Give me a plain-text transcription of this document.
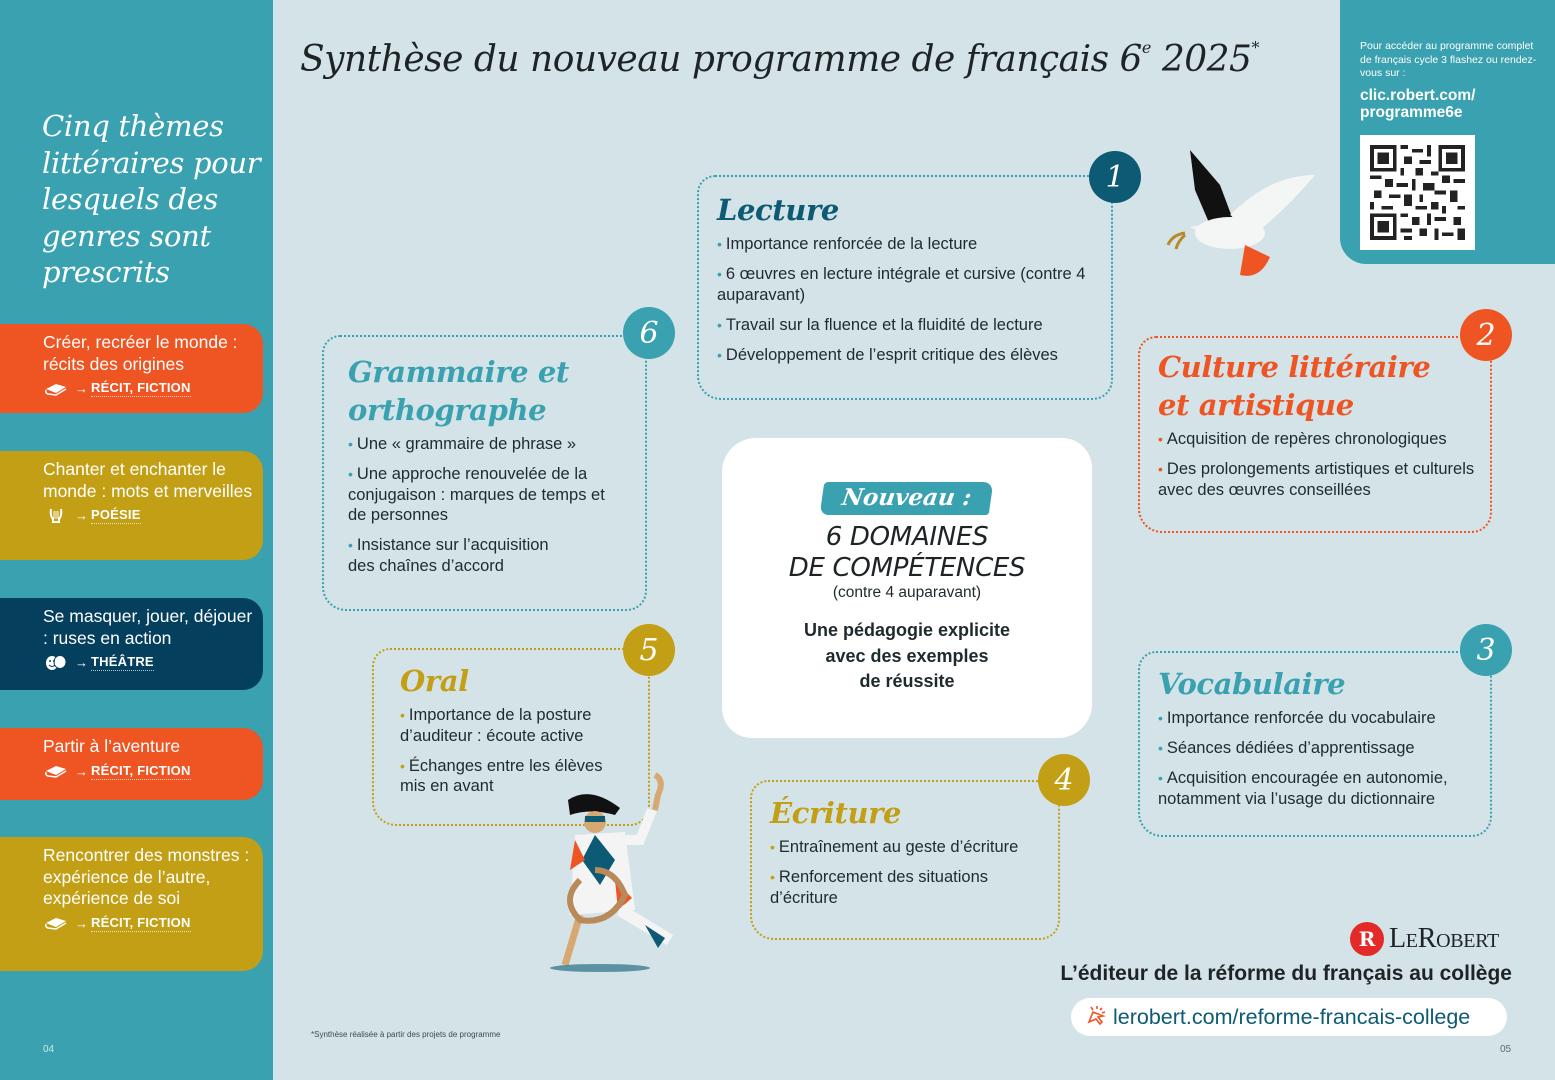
Cinq thèmes littéraires pour lesquels des genres sont prescrits
Créer, recréer le monde : récits des origines
→ RÉCIT, FICTION
Chanter et enchanter le monde : mots et merveilles
→ POÉSIE
Se masquer, jouer, déjouer : ruses en action
→ THÉÂTRE
Partir à l’aventure
→ RÉCIT, FICTION
Rencontrer des monstres : expérience de l’autre, expérience de soi
→ RÉCIT, FICTION
04
Synthèse du nouveau programme de français 6e 2025*	Pour accéder au programme complet de français cycle 3 flashez ou rendez-vous sur :
clic.robert.com/ programme6e
Lecture
• Importance renforcée de la lecture
• 6 œuvres en lecture intégrale et cursive (contre 4 auparavant)
• Travail sur la fluence et la fluidité de lecture
• Développement de l’esprit critique des élèves
1
Grammaire et orthographe
• Une « grammaire de phrase »
• Une approche renouvelée de la conjugaison : marques de temps et de personnes
• Insistance sur l’acquisition des chaînes d’accord
6
Culture littéraire et artistique
• Acquisition de repères chronologiques
• Des prolongements artistiques et culturels avec des œuvres conseillées
2
Nouveau :
6 DOMAINES
DE COMPÉTENCES
(contre 4 auparavant)
Une pédagogie explicite
avec des exemples
de réussite
Oral
• Importance de la posture d’auditeur : écoute active
• Échanges entre les élèves mis en avant
5
Écriture
• Entraînement au geste d’écriture
• Renforcement des situations d’écriture
4
Vocabulaire
• Importance renforcée du vocabulaire
• Séances dédiées d’apprentissage
• Acquisition encouragée en autonomie, notamment via l’usage du dictionnaire
3
R LeRobert
L’éditeur de la réforme du français au collège
lerobert.com/reforme-francais-college
*Synthèse réalisée à partir des projets de programme
05
